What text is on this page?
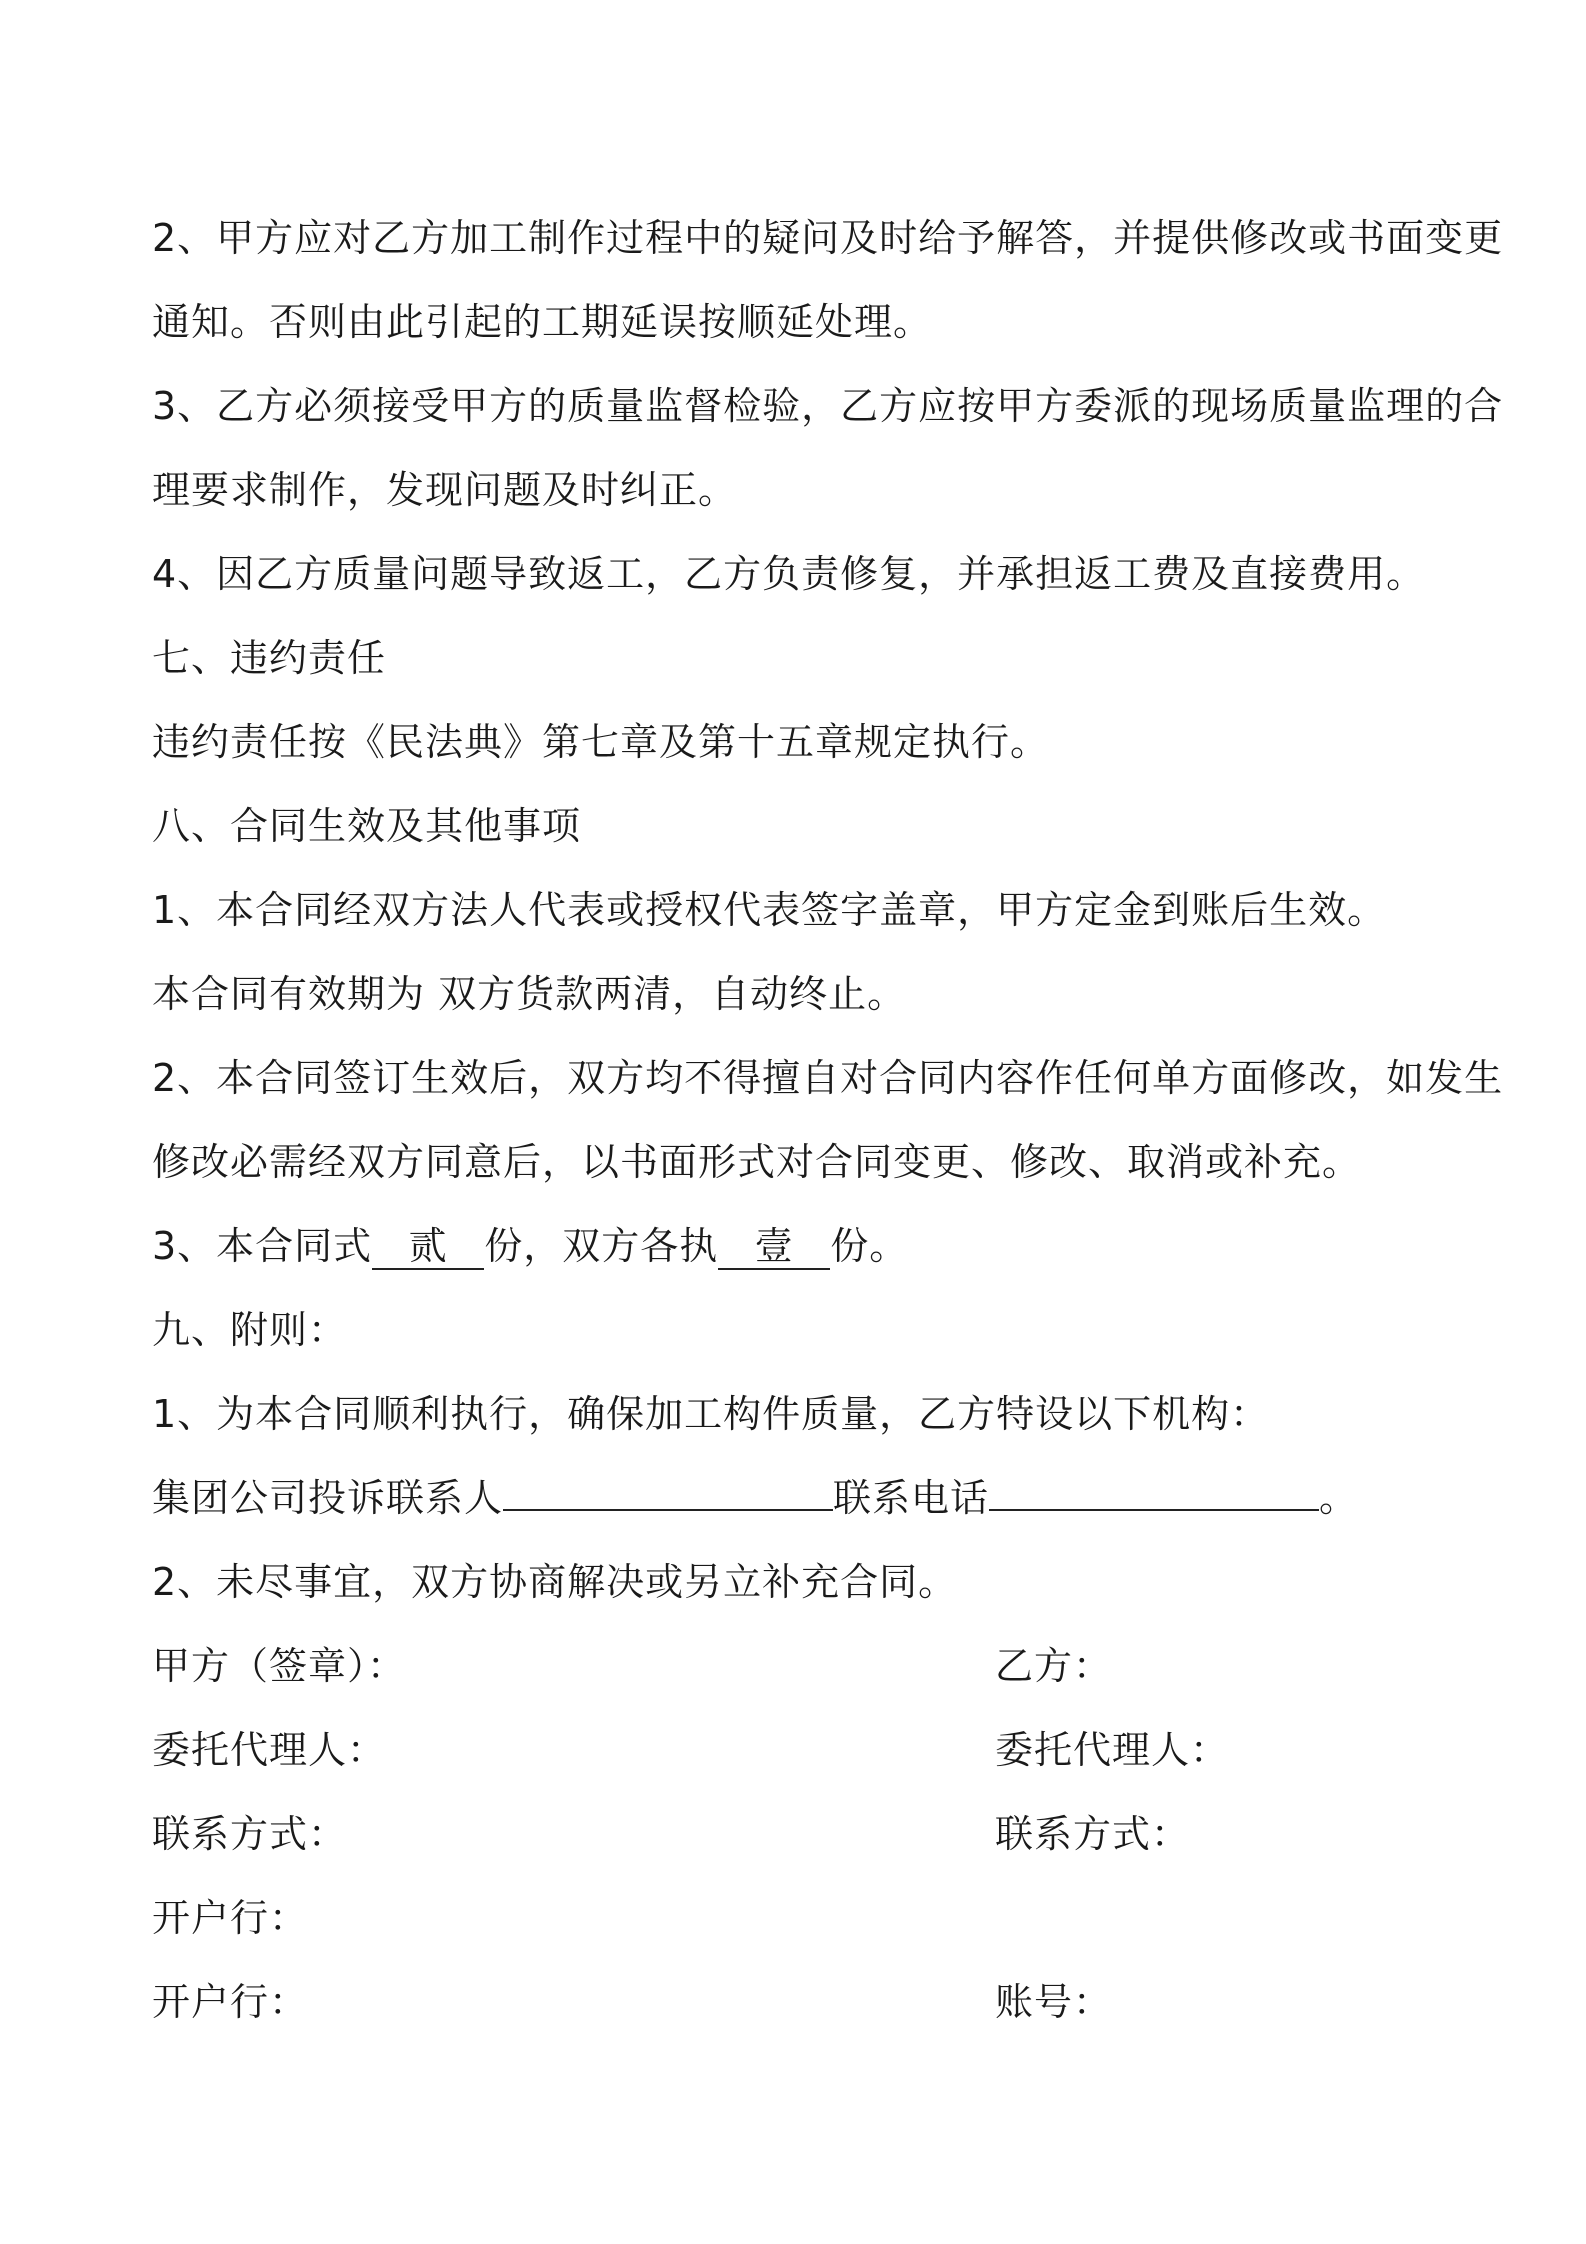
2、甲方应对乙方加工制作过程中的疑问及时给予解答，并提供修改或书面变更
通知。否则由此引起的工期延误按顺延处理。
3、乙方必须接受甲方的质量监督检验，乙方应按甲方委派的现场质量监理的合
理要求制作，发现问题及时纠正。
4、因乙方质量问题导致返工，乙方负责修复，并承担返工费及直接费用。
七、违约责任
违约责任按《民法典》第七章及第十五章规定执行。
八、合同生效及其他事项
1、本合同经双方法人代表或授权代表签字盖章，甲方定金到账后生效。
本合同有效期为 双方货款两清，自动终止。
2、本合同签订生效后，双方均不得擅自对合同内容作任何单方面修改，如发生
修改必需经双方同意后，以书面形式对合同变更、修改、取消或补充。
3、本合同式 贰 份，双方各执 壹 份。
九、附则：
1、为本合同顺利执行，确保加工构件质量，乙方特设以下机构：
集团公司投诉联系人	联系电话	。
2、未尽事宜，双方协商解决或另立补充合同。
甲方（签章）：	乙方：
委托代理人：	委托代理人：
联系方式：	联系方式：
开户行：
开户行：	账号：
